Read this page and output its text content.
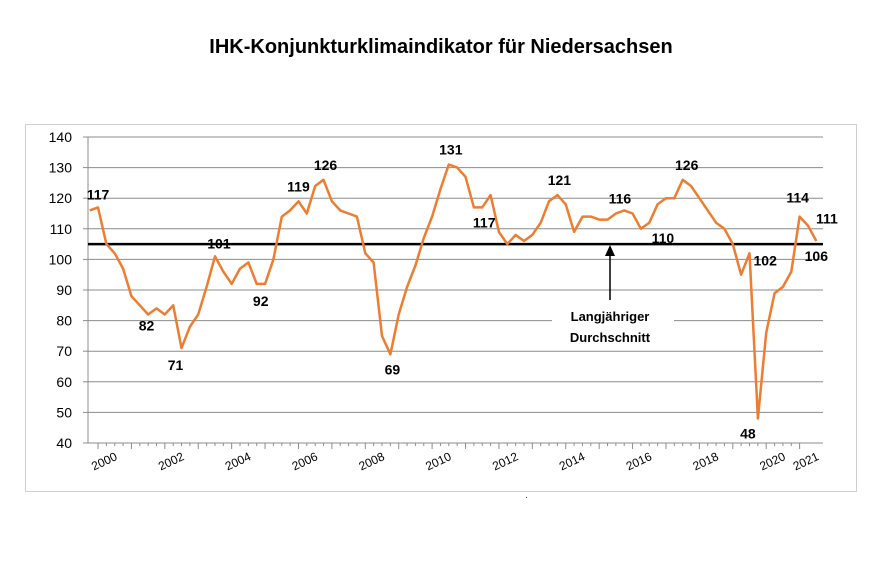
IHK-Konjunkturklimaindikator für Niedersachsen
40
50
60
70
80
90
100
110
120
130
140
2000	2002	2004	2006	2008	2010	2012	2014	2016	2018	2020 2021
117
82
71
101
92
119
126
69
131
117
121
116
110
126
102
48
114
111
106
Langjähriger
Durchschnitt
.
